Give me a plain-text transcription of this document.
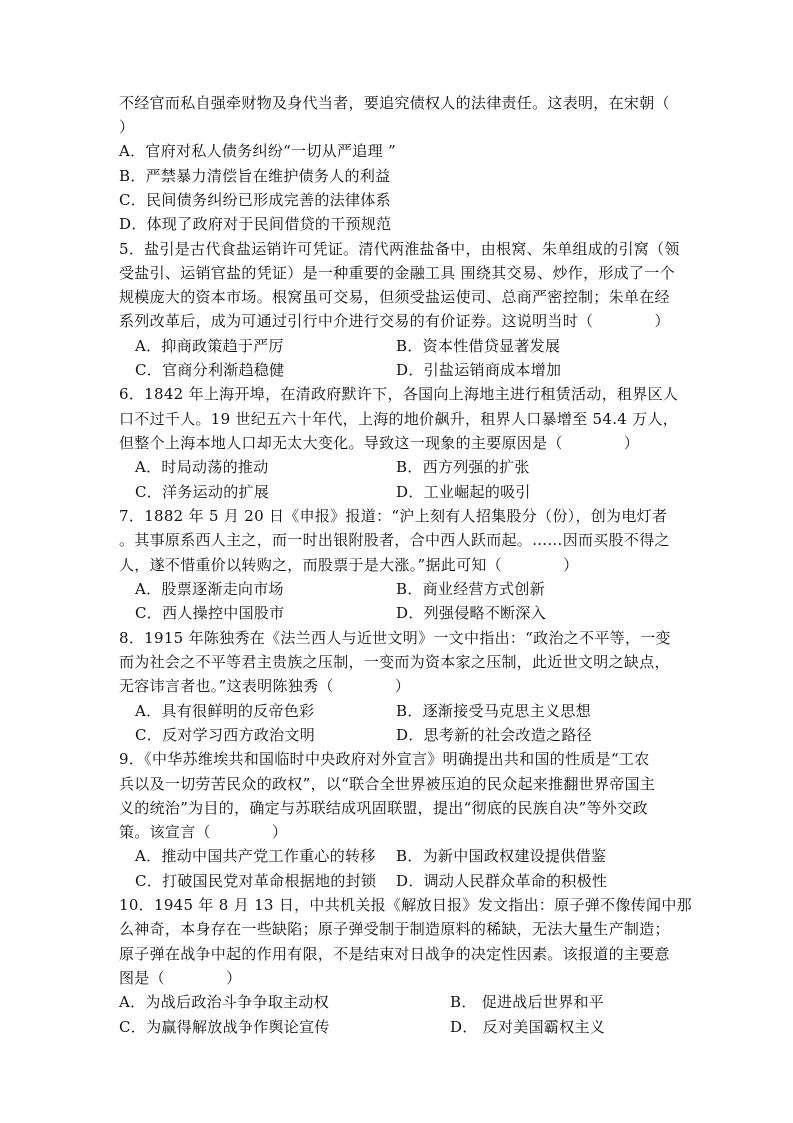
不经官而私自强牵财物及身代当者，要追究债权人的法律责任。这表明，在宋朝（
）
A．官府对私人债务纠纷“一切从严追理 ”
B．严禁暴力清偿旨在维护债务人的利益
C．民间债务纠纷已形成完善的法律体系
D．体现了政府对于民间借贷的干预规范
5．盐引是古代食盐运销许可凭证。清代两淮盐备中，由根窝、朱单组成的引窝（领
受盐引、运销官盐的凭证）是一种重要的金融工具 围绕其交易、炒作，形成了一个
规模庞大的资本市场。根窝虽可交易，但须受盐运使司、总商严密控制；朱单在经
系列改革后，成为可通过引行中介进行交易的有价证券。这说明当时（　　　　）
A．抑商政策趋于严厉	B．资本性借贷显著发展
C．官商分利渐趋稳健	D．引盐运销商成本增加
6．1842 年上海开埠，在清政府默许下，各国向上海地主进行租赁活动，租界区人
口不过千人。19 世纪五六十年代，上海的地价飙升，租界人口暴增至 54.4 万人，
但整个上海本地人口却无太大变化。导致这一现象的主要原因是（　　　　）
A．时局动荡的推动	B．西方列强的扩张
C．洋务运动的扩展	D．工业崛起的吸引
7．1882 年 5 月 20 日《申报》报道：“沪上刻有人招集股分（份），创为电灯者
。其事原系西人主之，而一时出银附股者，合中西人跃而起。……因而买股不得之
人，遂不惜重价以转购之，而股票于是大涨。”据此可知（　　　　）
A．股票逐渐走向市场	B．商业经营方式创新
C．西人操控中国股市	D．列强侵略不断深入
8．1915 年陈独秀在《法兰西人与近世文明》一文中指出：“政治之不平等，一变
而为社会之不平等君主贵族之压制，一变而为资本家之压制，此近世文明之缺点，
无容讳言者也。”这表明陈独秀（　　　　）
A．具有很鲜明的反帝色彩	B．逐渐接受马克思主义思想
C．反对学习西方政治文明	D．思考新的社会改造之路径
9．《中华苏维埃共和国临时中央政府对外宣言》明确提出共和国的性质是“工农
兵以及一切劳苦民众的政权”，以“联合全世界被压迫的民众起来推翻世界帝国主
义的统治”为目的，确定与苏联结成巩固联盟，提出“彻底的民族自决”等外交政
策。该宣言（　　　　）
A．推动中国共产党工作重心的转移 B．为新中国政权建设提供借鉴
C．打破国民党对革命根据地的封锁 D．调动人民群众革命的积极性
10．1945 年 8 月 13 日，中共机关报《解放日报》发文指出：原子弹不像传闻中那
么神奇，本身存在一些缺陷；原子弹受制于制造原料的稀缺，无法大量生产制造；
原子弹在战争中起的作用有限，不是结束对日战争的决定性因素。该报道的主要意
图是（　　　　）
A．为战后政治斗争争取主动权	B． 促进战后世界和平
C．为赢得解放战争作舆论宣传	D． 反对美国霸权主义
